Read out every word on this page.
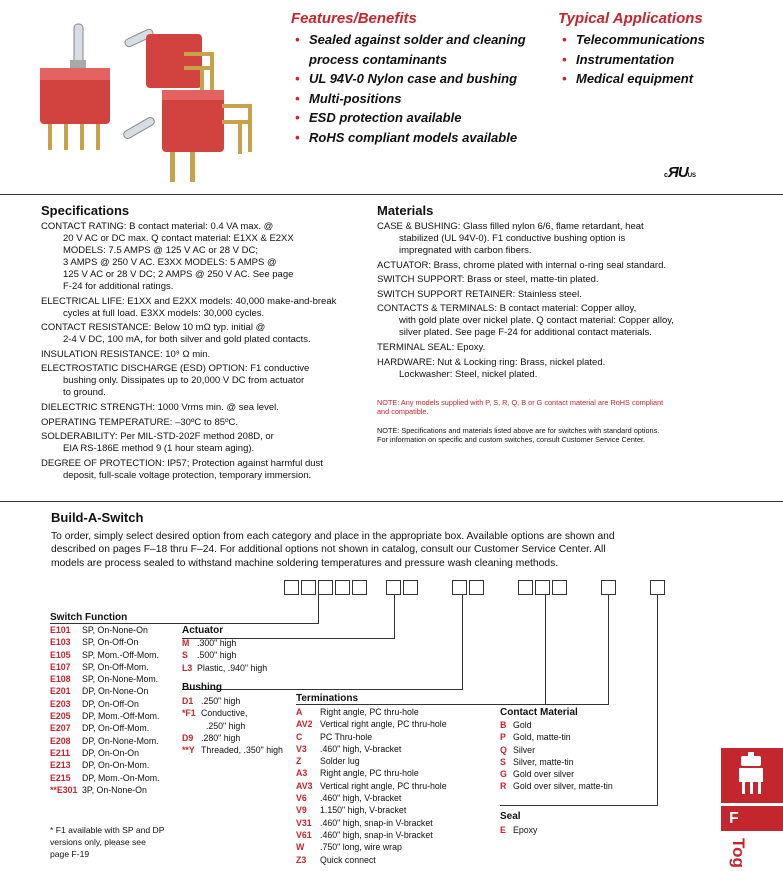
Features/Benefits
• Sealed against solder and cleaning process contaminants
• UL 94V-0 Nylon case and bushing
• Multi-positions
• ESD protection available
• RoHS compliant models available
Typical Applications
• Telecommunications
• Instrumentation
• Medical equipment
cЯUUS
Specifications

CONTACT RATING: B contact material: 0.4 VA max. @
20 V AC or DC max. Q contact material: E1XX & E2XX
MODELS: 7.5 AMPS @ 125 V AC or 28 V DC;
3 AMPS @ 250 V AC. E3XX MODELS: 5 AMPS @
125 V AC or 28 V DC; 2 AMPS @ 250 V AC. See page
F-24 for additional ratings.

ELECTRICAL LIFE: E1XX and E2XX models: 40,000 make-and-break
cycles at full load. E3XX models: 30,000 cycles.

CONTACT RESISTANCE: Below 10 mΩ typ. initial @
2-4 V DC, 100 mA, for both silver and gold plated contacts.

INSULATION RESISTANCE: 10⁹ Ω min.

ELECTROSTATIC DISCHARGE (ESD) OPTION: F1 conductive
bushing only. Dissipates up to 20,000 V DC from actuator
to ground.

DIELECTRIC STRENGTH: 1000 Vrms min. @ sea level.

OPERATING TEMPERATURE: –30ºC to 85ºC.

SOLDERABILITY: Per MIL-STD-202F method 208D, or
EIA RS-186E method 9 (1 hour steam aging).

DEGREE OF PROTECTION: IP57; Protection against harmful dust
deposit, full-scale voltage protection, temporary immersion.

Materials

CASE & BUSHING: Glass filled nylon 6/6, flame retardant, heat
stabilized (UL 94V-0). F1 conductive bushing option is
impregnated with carbon fibers.

ACTUATOR: Brass, chrome plated with internal o-ring seal standard.

SWITCH SUPPORT: Brass or steel, matte-tin plated.

SWITCH SUPPORT RETAINER: Stainless steel.

CONTACTS & TERMINALS: B contact material: Copper alloy,
with gold plate over nickel plate. Q contact material: Copper alloy,
silver plated. See page F-24 for additional contact materials.

TERMINAL SEAL: Epoxy.

HARDWARE: Nut & Locking ring: Brass, nickel plated.
Lockwasher: Steel, nickel plated.

NOTE: Any models supplied with P, S, R, Q, B or G contact material are RoHS compliant
and compatible.
NOTE: Specifications and materials listed above are for switches with standard options.
For information on specific and custom switches, consult Customer Service Center.
Build-A-Switch
To order, simply select desired option from each category and place in the appropriate box. Available options are shown and
described on pages F–18 thru F–24. For additional options not shown in catalog, consult our Customer Service Center. All
models are process sealed to withstand machine soldering temperatures and pressure wash cleaning methods.
Switch Function
E101 SP, On-None-On
E103 SP, On-Off-On
E105 SP, Mom.-Off-Mom.
E107 SP, On-Off-Mom.
E108 SP, On-None-Mom.
E201 DP, On-None-On
E203 DP, On-Off-On
E205 DP, Mom.-Off-Mom.
E207 DP, On-Off-Mom.
E208 DP, On-None-Mom.
E211 DP, On-On-On
E213 DP, On-On-Mom.
E215 DP, Mom.-On-Mom.
**E301 3P, On-None-On
Actuator
M .300" high
S .500" high
L3 Plastic, .940" high
Bushing
D1 .250" high
*F1 Conductive,
.250" high
D9 .280" high
**Y Threaded, .350" high
Terminations
A Right angle, PC thru-hole
AV2 Vertical right angle, PC thru-hole
C PC Thru-hole
V3 .460" high, V-bracket
Z Solder lug
A3 Right angle, PC thru-hole
AV3 Vertical right angle, PC thru-hole
V6 .460" high, V-bracket
V9 1.150" high, V-bracket
V31 .460" high, snap-in V-bracket
V61 .460" high, snap-in V-bracket
W .750" long, wire wrap
Z3 Quick connect
Contact Material
B Gold
P Gold, matte-tin
Q Silver
S Silver, matte-tin
G Gold over silver
R Gold over silver, matte-tin
Seal
E Epoxy
* F1 available with SP and DP
versions only, please see
page F-19
F
Tog
